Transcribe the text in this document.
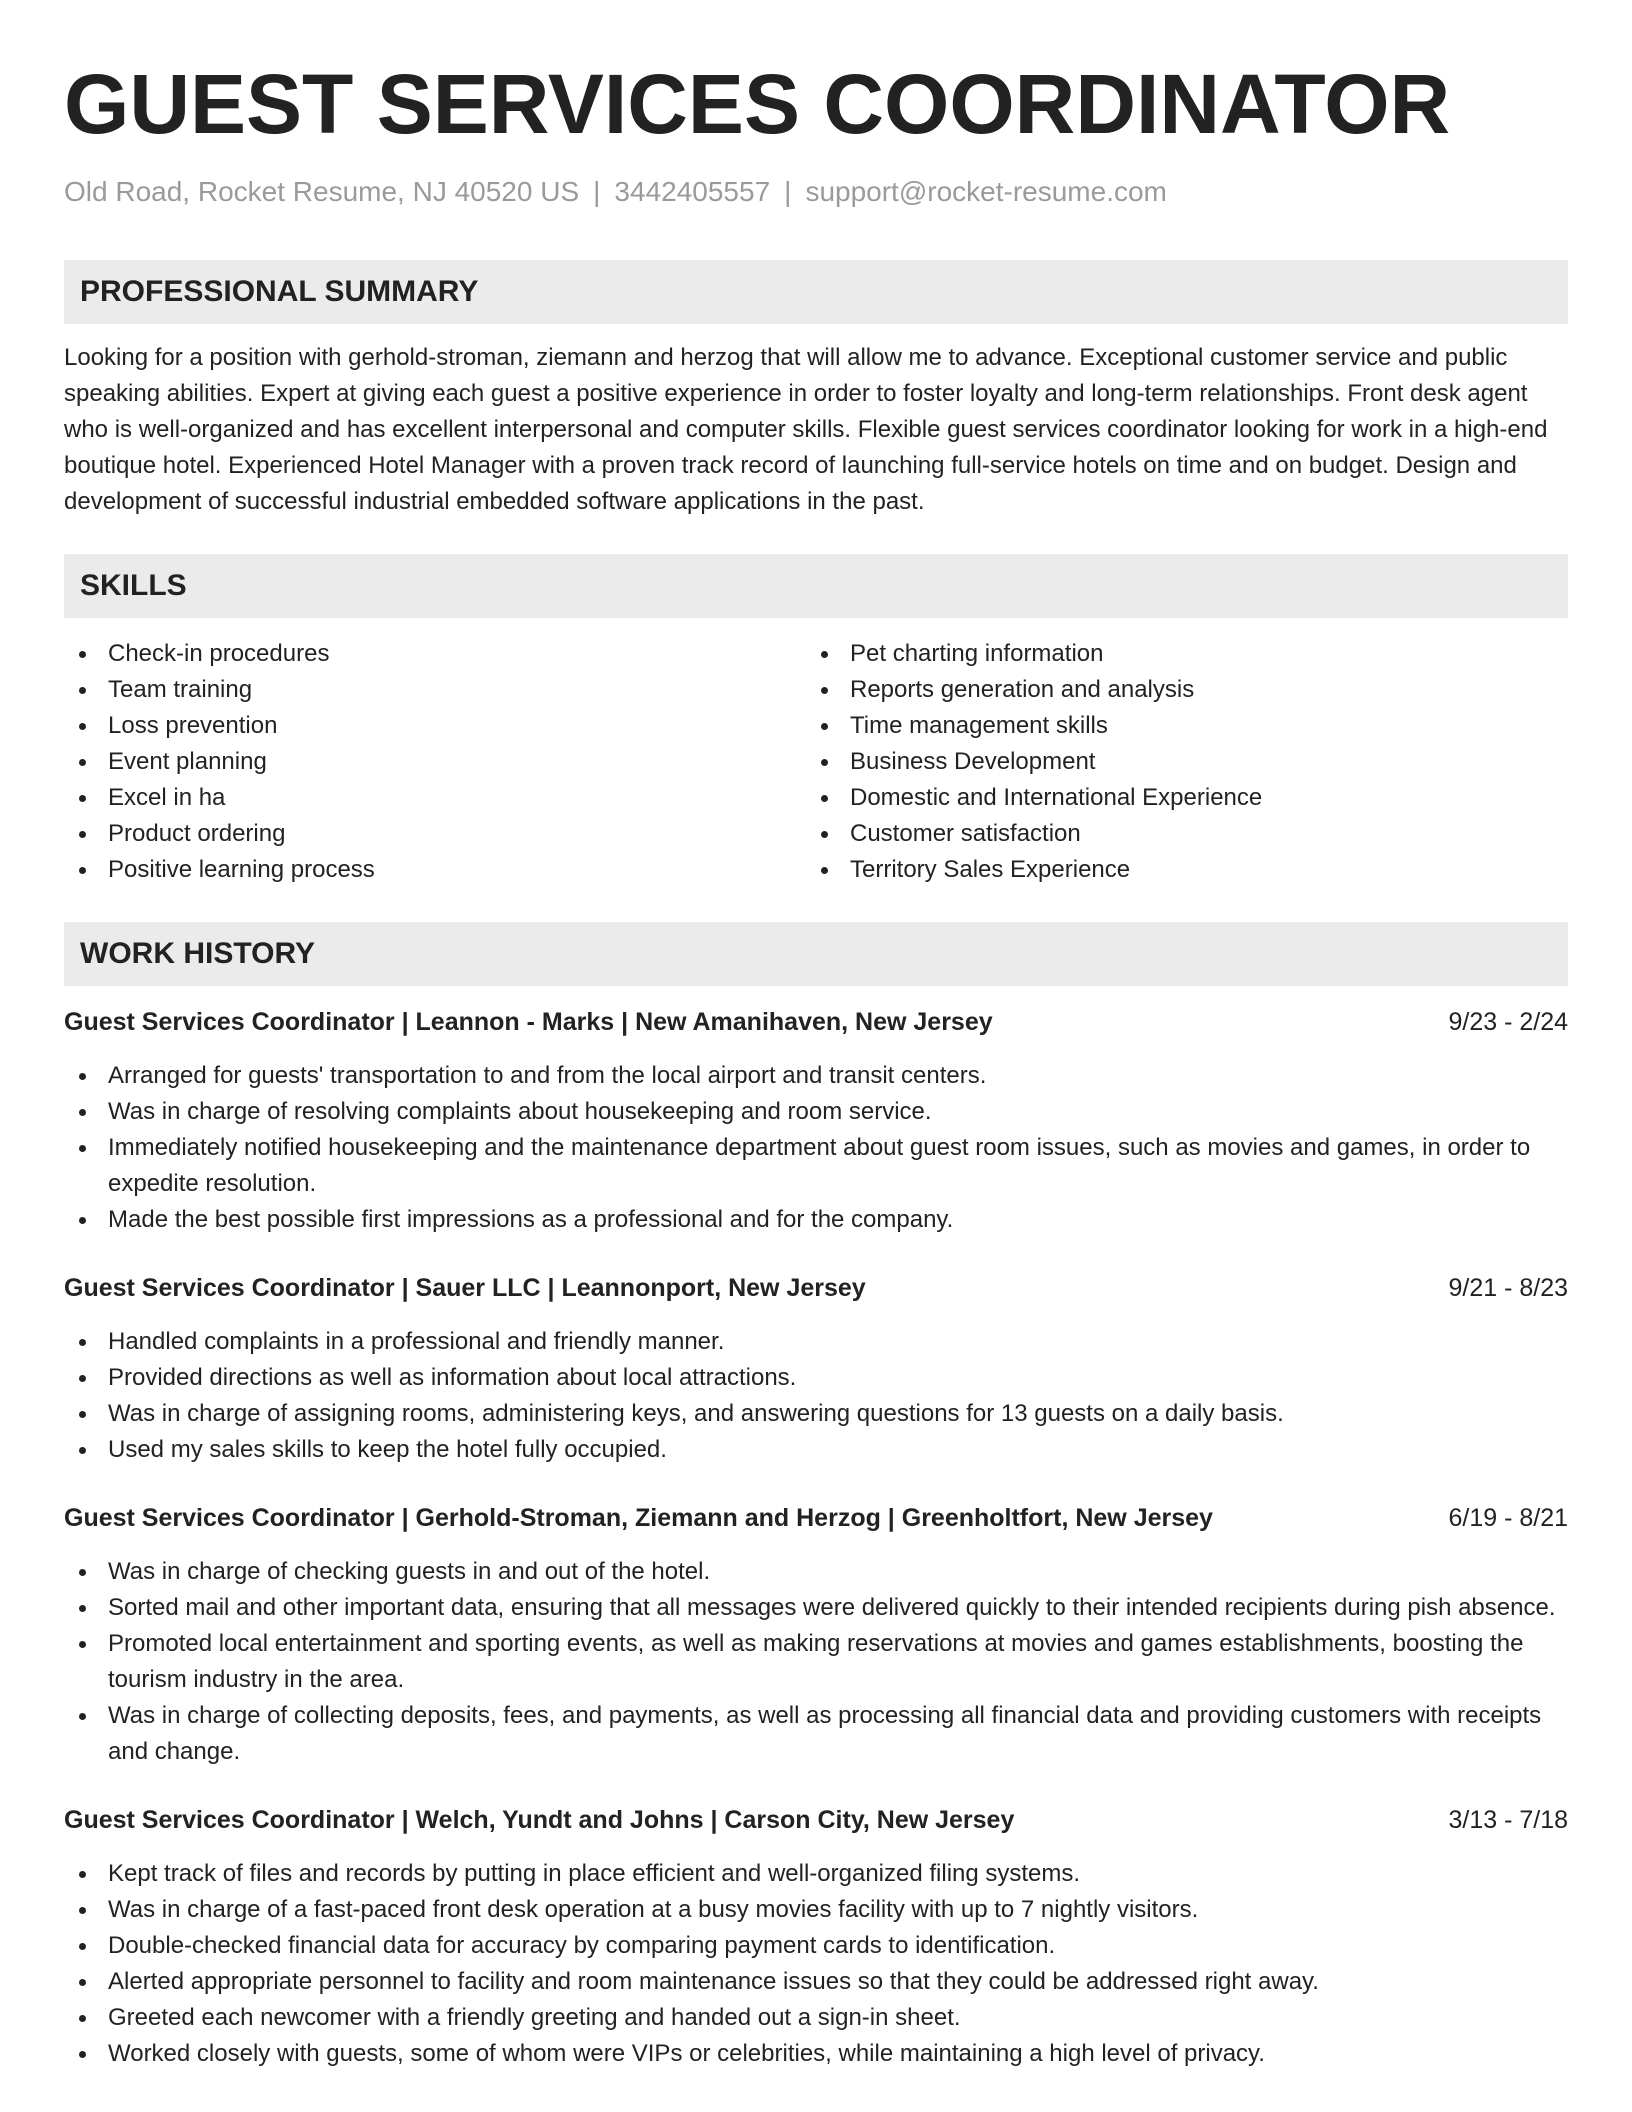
GUEST SERVICES COORDINATOR
Old Road, Rocket Resume, NJ 40520 US | 3442405557 | support@rocket-resume.com
PROFESSIONAL SUMMARY

Looking for a position with gerhold-stroman, ziemann and herzog that will allow me to advance. Exceptional customer service and public speaking abilities. Expert at giving each guest a positive experience in order to foster loyalty and long-term relationships. Front desk agent who is well-organized and has excellent interpersonal and computer skills. Flexible guest services coordinator looking for work in a high-end boutique hotel. Experienced Hotel Manager with a proven track record of launching full-service hotels on time and on budget. Design and development of successful industrial embedded software applications in the past.

SKILLS
Check-in procedures
Team training
Loss prevention
Event planning
Excel in ha
Product ordering
Positive learning process
Pet charting information
Reports generation and analysis
Time management skills
Business Development
Domestic and International Experience
Customer satisfaction
Territory Sales Experience
WORK HISTORY
Guest Services Coordinator | Leannon - Marks | New Amanihaven, New Jersey	9/23 - 2/24
Arranged for guests' transportation to and from the local airport and transit centers.
Was in charge of resolving complaints about housekeeping and room service.
Immediately notified housekeeping and the maintenance department about guest room issues, such as movies and games, in order to expedite resolution.
Made the best possible first impressions as a professional and for the company.
Guest Services Coordinator | Sauer LLC | Leannonport, New Jersey	9/21 - 8/23
Handled complaints in a professional and friendly manner.
Provided directions as well as information about local attractions.
Was in charge of assigning rooms, administering keys, and answering questions for 13 guests on a daily basis.
Used my sales skills to keep the hotel fully occupied.
Guest Services Coordinator | Gerhold-Stroman, Ziemann and Herzog | Greenholtfort, New Jersey	6/19 - 8/21
Was in charge of checking guests in and out of the hotel.
Sorted mail and other important data, ensuring that all messages were delivered quickly to their intended recipients during pish absence.
Promoted local entertainment and sporting events, as well as making reservations at movies and games establishments, boosting the tourism industry in the area.
Was in charge of collecting deposits, fees, and payments, as well as processing all financial data and providing customers with receipts and change.
Guest Services Coordinator | Welch, Yundt and Johns | Carson City, New Jersey	3/13 - 7/18
Kept track of files and records by putting in place efficient and well-organized filing systems.
Was in charge of a fast-paced front desk operation at a busy movies facility with up to 7 nightly visitors.
Double-checked financial data for accuracy by comparing payment cards to identification.
Alerted appropriate personnel to facility and room maintenance issues so that they could be addressed right away.
Greeted each newcomer with a friendly greeting and handed out a sign-in sheet.
Worked closely with guests, some of whom were VIPs or celebrities, while maintaining a high level of privacy.
